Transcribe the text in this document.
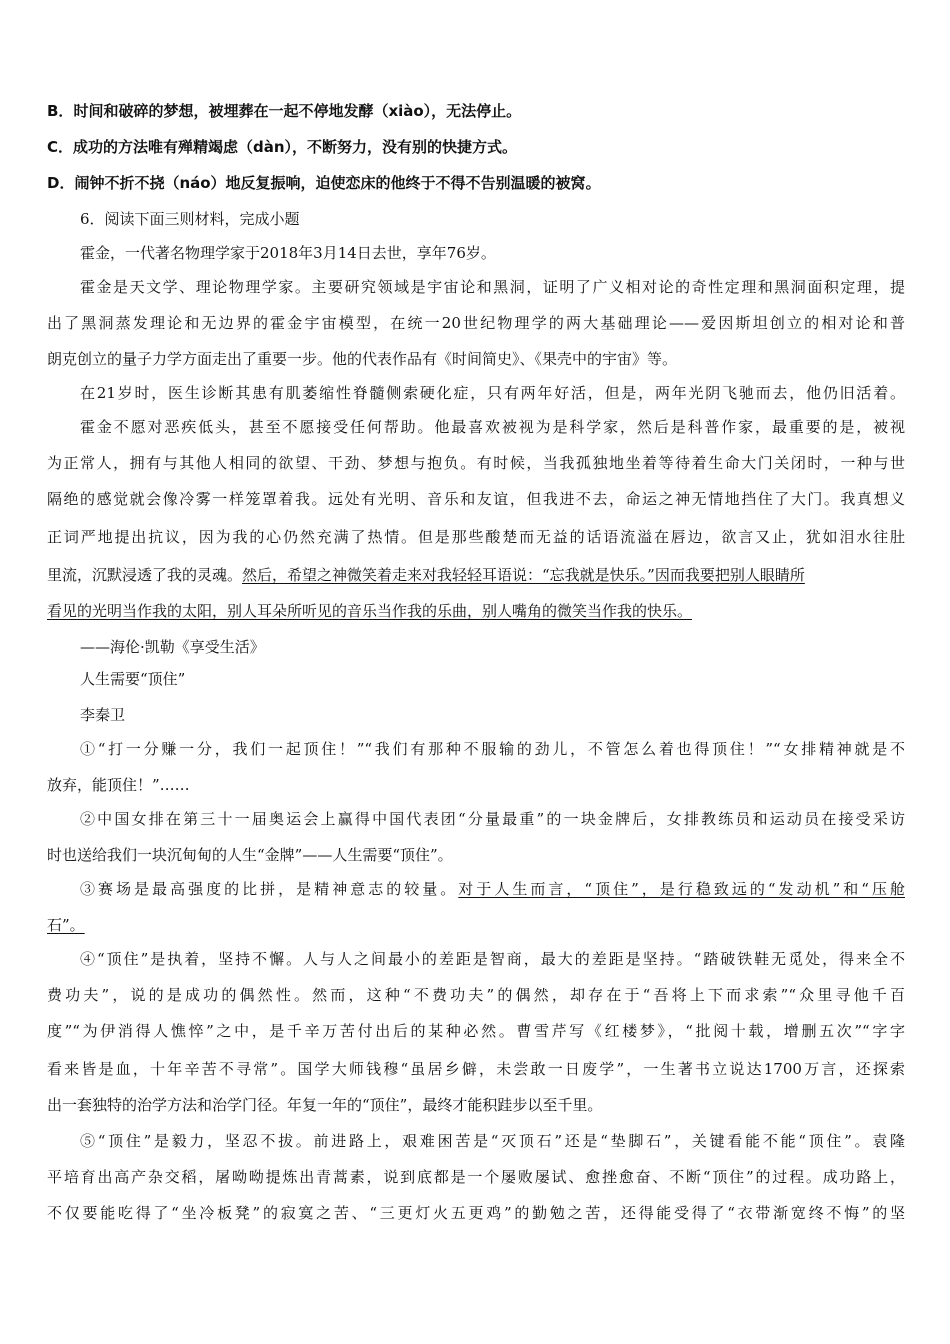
B．时间和破碎的梦想，被埋葬在一起不停地发酵（xiào），无法停止。
C．成功的方法唯有殚精竭虑（dàn），不断努力，没有别的快捷方式。
D．闹钟不折不挠（náo）地反复振响，迫使恋床的他终于不得不告别温暖的被窝。
6．阅读下面三则材料，完成小题
霍金，一代著名物理学家于2018年3月14日去世，享年76岁。
霍金是天文学、理论物理学家。主要研究领域是宇宙论和黑洞，证明了广义相对论的奇性定理和黑洞面积定理，提
出了黑洞蒸发理论和无边界的霍金宇宙模型，在统一20世纪物理学的两大基础理论——爱因斯坦创立的相对论和普
朗克创立的量子力学方面走出了重要一步。他的代表作品有《时间简史》、《果壳中的宇宙》等。
在21岁时，医生诊断其患有肌萎缩性脊髓侧索硬化症，只有两年好活，但是，两年光阴飞驰而去，他仍旧活着。
霍金不愿对恶疾低头，甚至不愿接受任何帮助。他最喜欢被视为是科学家，然后是科普作家，最重要的是，被视
为正常人，拥有与其他人相同的欲望、干劲、梦想与抱负。有时候，当我孤独地坐着等待着生命大门关闭时，一种与世
隔绝的感觉就会像冷雾一样笼罩着我。远处有光明、音乐和友谊，但我进不去，命运之神无情地挡住了大门。我真想义
正词严地提出抗议，因为我的心仍然充满了热情。但是那些酸楚而无益的话语流溢在唇边，欲言又止，犹如泪水往肚
里流，沉默浸透了我的灵魂。然后，希望之神微笑着走来对我轻轻耳语说：“忘我就是快乐。”因而我要把别人眼睛所
看见的光明当作我的太阳，别人耳朵所听见的音乐当作我的乐曲，别人嘴角的微笑当作我的快乐。
——海伦·凯勒《享受生活》
人生需要“顶住”
李秦卫
①“打一分赚一分，我们一起顶住！”“我们有那种不服输的劲儿，不管怎么着也得顶住！”“女排精神就是不
放弃，能顶住！”……
②中国女排在第三十一届奥运会上赢得中国代表团“分量最重”的一块金牌后，女排教练员和运动员在接受采访
时也送给我们一块沉甸甸的人生“金牌”——人生需要“顶住”。
③赛场是最高强度的比拼，是精神意志的较量。对于人生而言，“顶住”，是行稳致远的“发动机”和“压舱
石”。
④“顶住”是执着，坚持不懈。人与人之间最小的差距是智商，最大的差距是坚持。“踏破铁鞋无觅处，得来全不
费功夫”，说的是成功的偶然性。然而，这种“不费功夫”的偶然，却存在于“吾将上下而求索”“众里寻他千百
度”“为伊消得人憔悴”之中，是千辛万苦付出后的某种必然。曹雪芹写《红楼梦》，“批阅十载，增删五次”“字字
看来皆是血，十年辛苦不寻常”。国学大师钱穆“虽居乡僻，未尝敢一日废学”，一生著书立说达1700万言，还探索
出一套独特的治学方法和治学门径。年复一年的“顶住”，最终才能积跬步以至千里。
⑤“顶住”是毅力，坚忍不拔。前进路上，艰难困苦是“灭顶石”还是“垫脚石”，关键看能不能“顶住”。袁隆
平培育出高产杂交稻，屠呦呦提炼出青蒿素，说到底都是一个屡败屡试、愈挫愈奋、不断“顶住”的过程。成功路上，
不仅要能吃得了“坐冷板凳”的寂寞之苦、“三更灯火五更鸡”的勤勉之苦，还得能受得了“衣带渐宽终不悔”的坚
